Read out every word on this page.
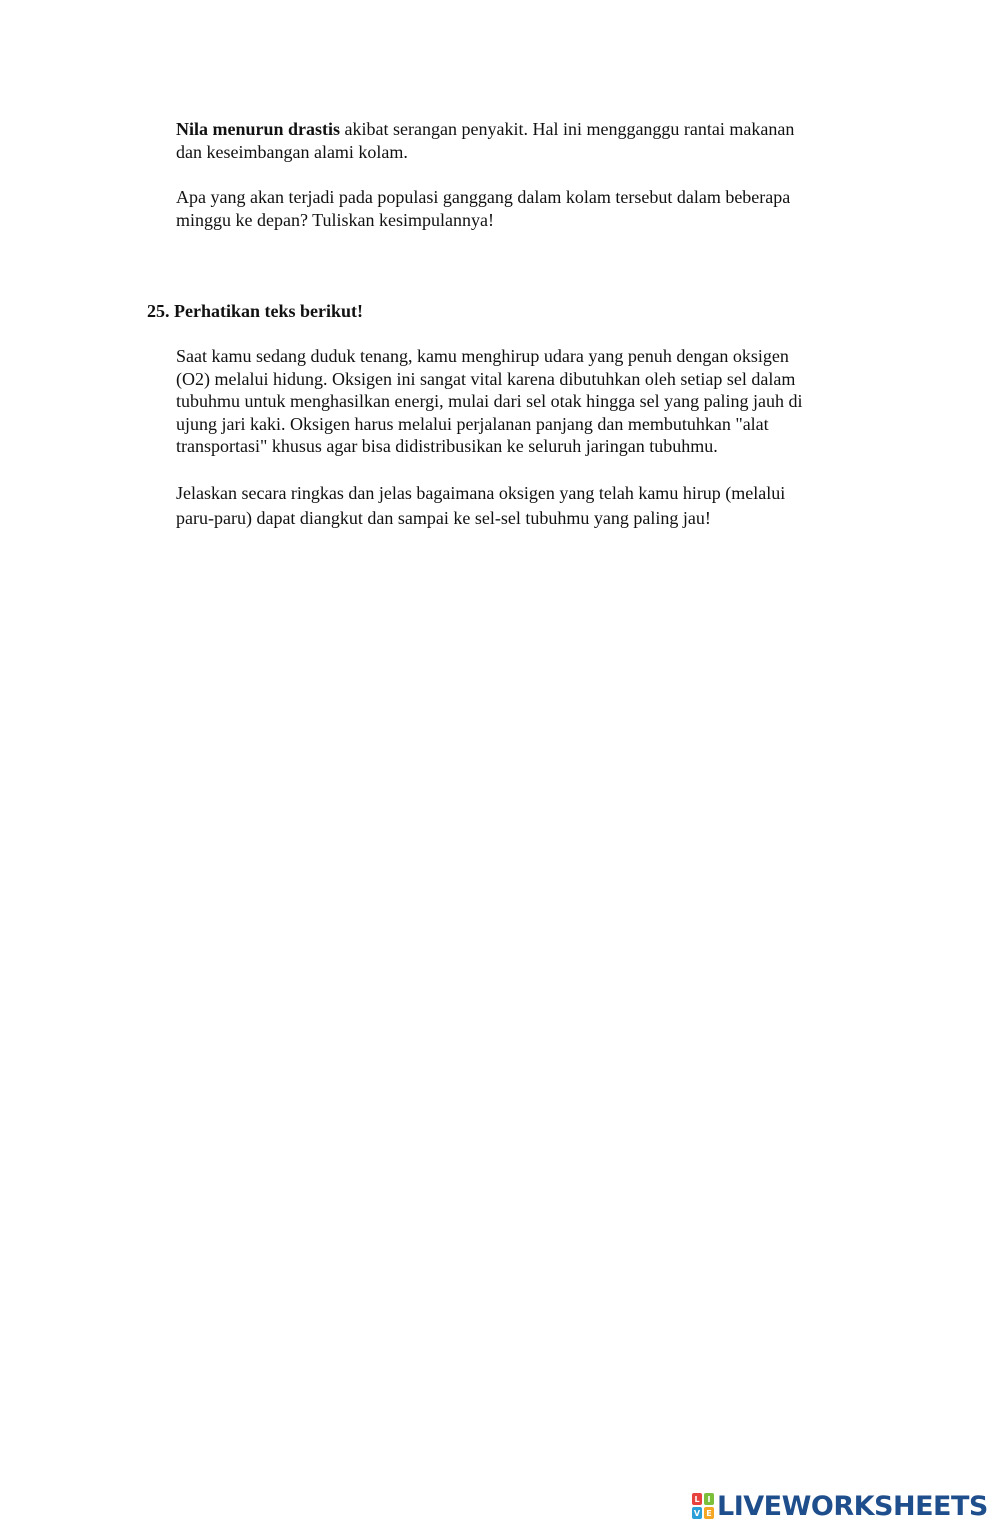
Nila menurun drastis akibat serangan penyakit. Hal ini mengganggu rantai makanan
dan keseimbangan alami kolam.

Apa yang akan terjadi pada populasi ganggang dalam kolam tersebut dalam beberapa
minggu ke depan? Tuliskan kesimpulannya!

25. Perhatikan teks berikut!

Saat kamu sedang duduk tenang, kamu menghirup udara yang penuh dengan oksigen
(O2) melalui hidung. Oksigen ini sangat vital karena dibutuhkan oleh setiap sel dalam
tubuhmu untuk menghasilkan energi, mulai dari sel otak hingga sel yang paling jauh di
ujung jari kaki. Oksigen harus melalui perjalanan panjang dan membutuhkan "alat
transportasi" khusus agar bisa didistribusikan ke seluruh jaringan tubuhmu.

Jelaskan secara ringkas dan jelas bagaimana oksigen yang telah kamu hirup (melalui
paru-paru) dapat diangkut dan sampai ke sel-sel tubuhmu yang paling jau!

L I
V E LIVEWORKSHEETS
